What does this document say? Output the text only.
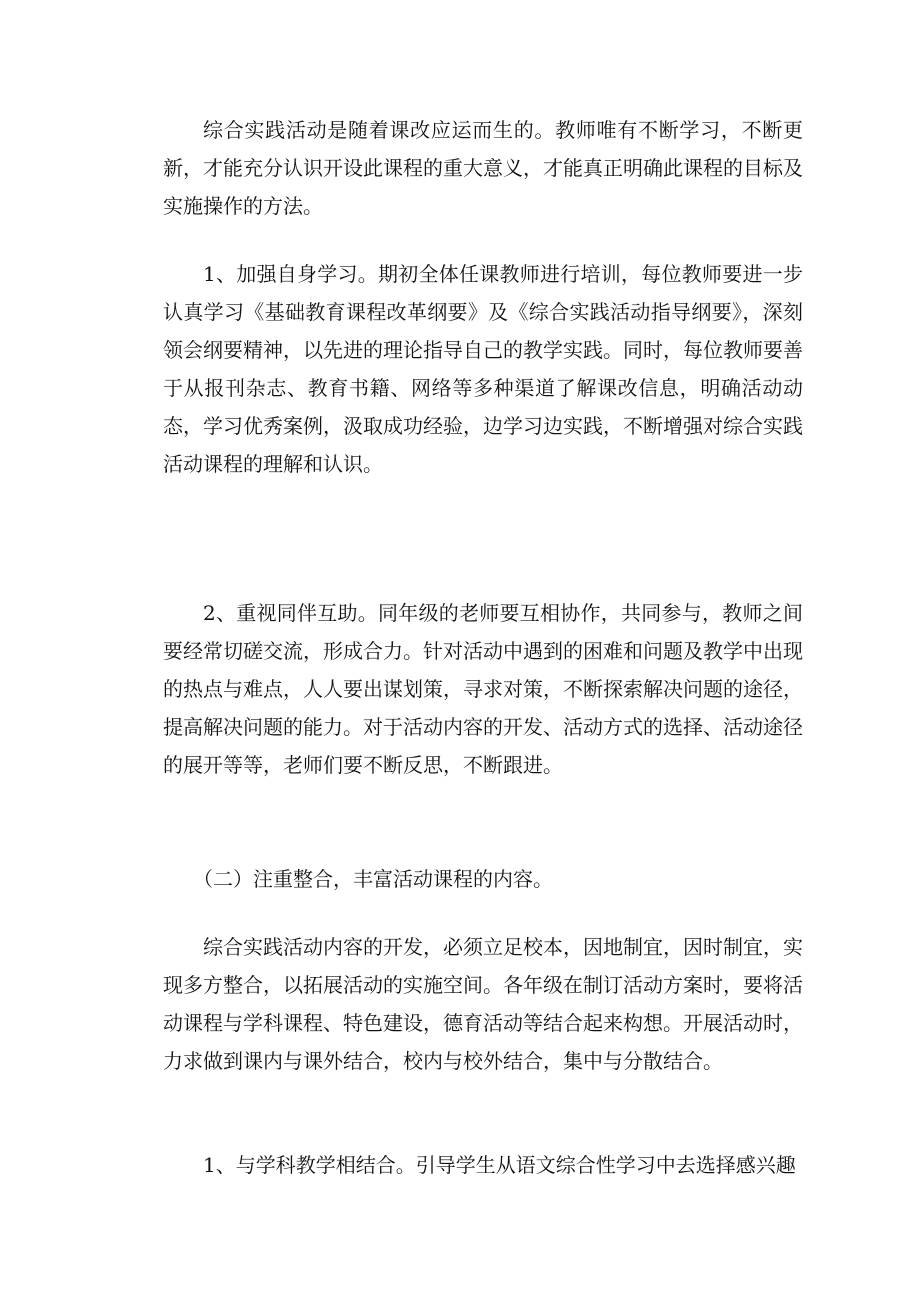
综合实践活动是随着课改应运而生的。教师唯有不断学习，不断更新，才能充分认识开设此课程的重大意义，才能真正明确此课程的目标及实施操作的方法。

1、加强自身学习。期初全体任课教师进行培训，每位教师要进一步认真学习《基础教育课程改革纲要》及《综合实践活动指导纲要》，深刻领会纲要精神，以先进的理论指导自己的教学实践。同时，每位教师要善于从报刊杂志、教育书籍、网络等多种渠道了解课改信息，明确活动动态，学习优秀案例，汲取成功经验，边学习边实践，不断增强对综合实践活动课程的理解和认识。

2、重视同伴互助。同年级的老师要互相协作，共同参与，教师之间要经常切磋交流，形成合力。针对活动中遇到的困难和问题及教学中出现的热点与难点，人人要出谋划策，寻求对策，不断探索解决问题的途径，提高解决问题的能力。对于活动内容的开发、活动方式的选择、活动途径的展开等等，老师们要不断反思，不断跟进。

（二）注重整合，丰富活动课程的内容。

综合实践活动内容的开发，必须立足校本，因地制宜，因时制宜，实现多方整合，以拓展活动的实施空间。各年级在制订活动方案时，要将活动课程与学科课程、特色建设，德育活动等结合起来构想。开展活动时，力求做到课内与课外结合，校内与校外结合，集中与分散结合。

1、与学科教学相结合。引导学生从语文综合性学习中去选择感兴趣
